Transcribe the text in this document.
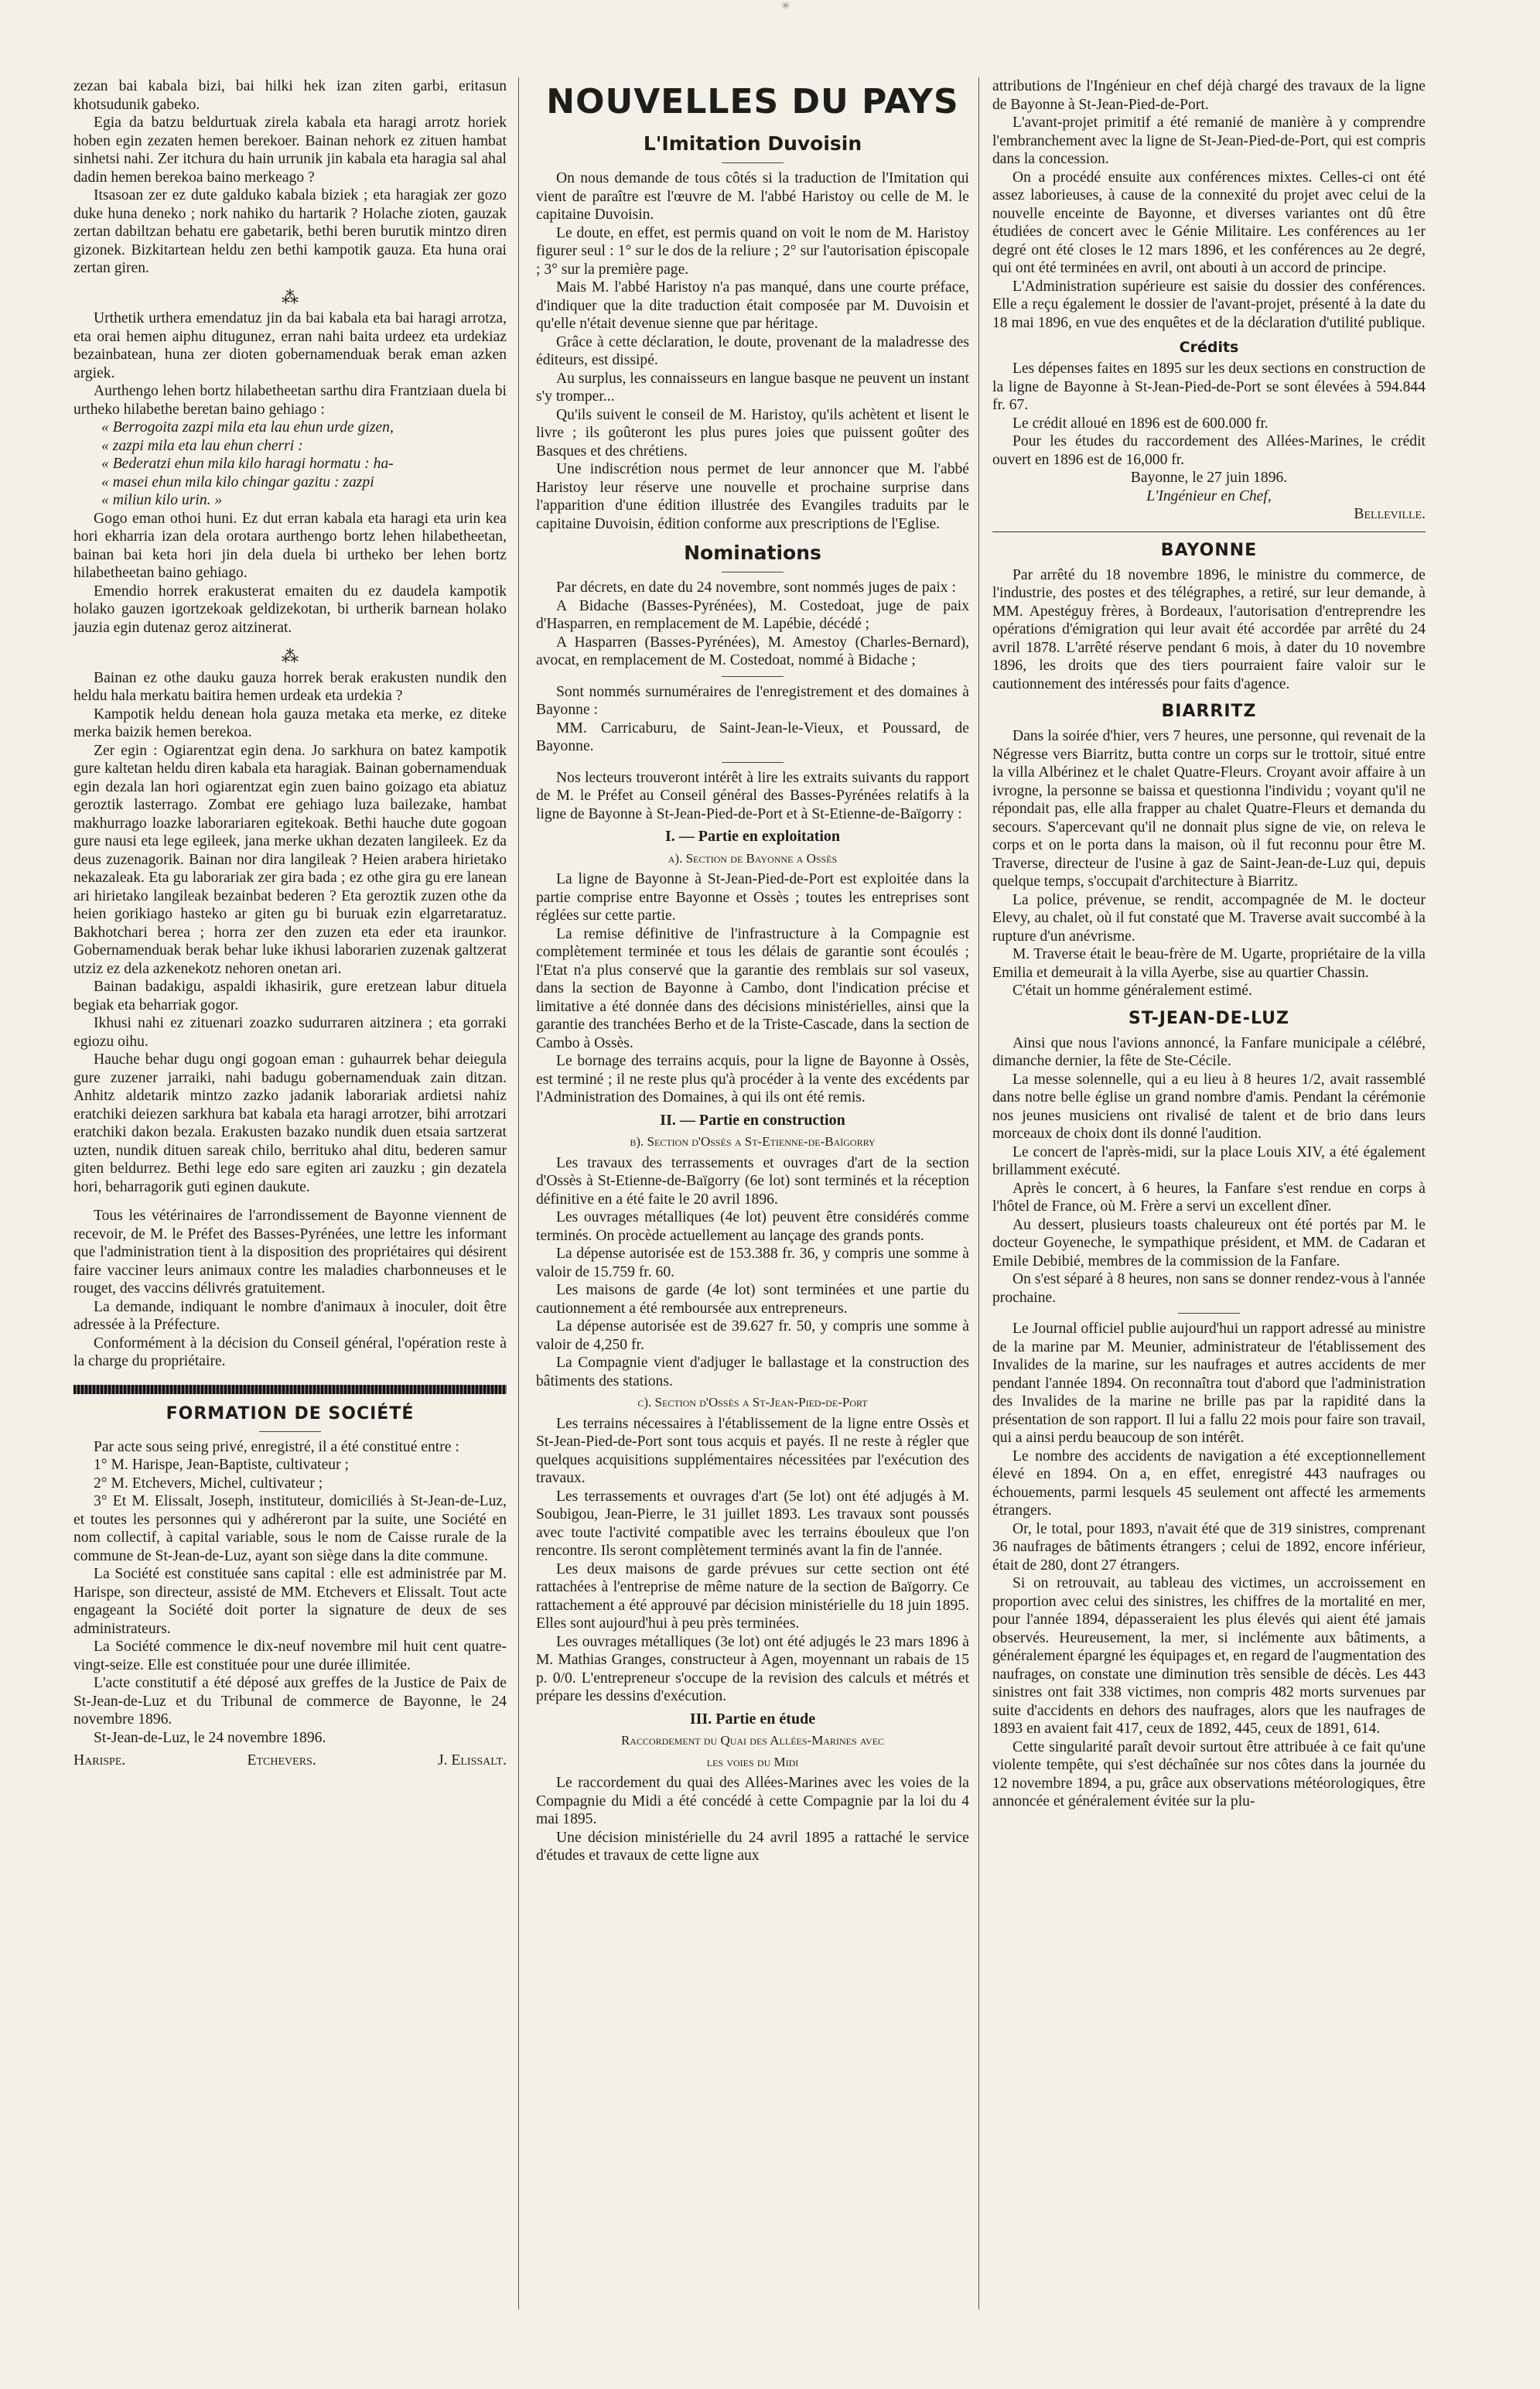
✳

zezan bai kabala bizi, bai hilki hek izan ziten garbi, eritasun khotsudunik gabeko.

Egia da batzu beldurtuak zirela kabala eta haragi arrotz horiek hoben egin zezaten hemen berekoer. Bainan nehork ez zituen hambat sinhetsi nahi. Zer itchura du hain urrunik jin kabala eta haragia sal ahal dadin hemen berekoa baino merkeago ?

Itsasoan zer ez dute galduko kabala biziek ; eta haragiak zer gozo duke huna deneko ; nork nahiko du hartarik ? Holache zioten, gauzak zertan dabiltzan behatu ere gabetarik, bethi beren burutik mintzo diren gizonek. Bizkitartean heldu zen bethi kampotik gauza. Eta huna orai zertan giren.

⁂

Urthetik urthera emendatuz jin da bai kabala eta bai haragi arrotza, eta orai hemen aiphu ditugunez, erran nahi baita urdeez eta urdekiaz bezainbatean, huna zer dioten gobernamenduak berak eman azken argiek.

Aurthengo lehen bortz hilabetheetan sarthu dira Frantziaan duela bi urtheko hilabethe beretan baino gehiago :

« Berrogoita zazpi mila eta lau ehun urde gizen,

« zazpi mila eta lau ehun cherri :

« Bederatzi ehun mila kilo haragi hormatu : ha-

« masei ehun mila kilo chingar gazitu : zazpi

« miliun kilo urin. »

Gogo eman othoi huni. Ez dut erran kabala eta haragi eta urin kea hori ekharria izan dela orotara aurthengo bortz lehen hilabetheetan, bainan bai keta hori jin dela duela bi urtheko ber lehen bortz hilabetheetan baino gehiago.

Emendio horrek erakusterat emaiten du ez daudela kampotik holako gauzen igortzekoak geldizekotan, bi urtherik barnean holako jauzia egin dutenaz geroz aitzinerat.

⁂

Bainan ez othe dauku gauza horrek berak erakusten nundik den heldu hala merkatu baitira hemen urdeak eta urdekia ?

Kampotik heldu denean hola gauza metaka eta merke, ez diteke merka baizik hemen berekoa.

Zer egin : Ogiarentzat egin dena. Jo sarkhura on batez kampotik gure kaltetan heldu diren kabala eta haragiak. Bainan gobernamenduak egin dezala lan hori ogiarentzat egin zuen baino goizago eta abiatuz geroztik lasterrago. Zombat ere gehiago luza bailezake, hambat makhurrago loazke laborariaren egitekoak. Bethi hauche dute gogoan gure nausi eta lege egileek, jana merke ukhan dezaten langileek. Ez da deus zuzenagorik. Bainan nor dira langileak ? Heien arabera hirietako nekazaleak. Eta gu laborariak zer gira bada ; ez othe gira gu ere lanean ari hirietako langileak bezainbat bederen ? Eta geroztik zuzen othe da heien gorikiago hasteko ar giten gu bi buruak ezin elgarretaratuz. Bakhotchari berea ; horra zer den zuzen eta eder eta iraunkor. Gobernamenduak berak behar luke ikhusi laborarien zuzenak galtzerat utziz ez dela azkenekotz nehoren onetan ari.

Bainan badakigu, aspaldi ikhasirik, gure eretzean labur dituela begiak eta beharriak gogor.

Ikhusi nahi ez zituenari zoazko sudurraren aitzinera ; eta gorraki egiozu oihu.

Hauche behar dugu ongi gogoan eman : guhaurrek behar deiegula gure zuzener jarraiki, nahi badugu gobernamenduak zain ditzan. Anhitz aldetarik mintzo zazko jadanik laborariak ardietsi nahiz eratchiki deiezen sarkhura bat kabala eta haragi arrotzer, bihi arrotzari eratchiki dakon bezala. Erakusten bazako nundik duen etsaia sartzerat uzten, nundik dituen sareak chilo, berrituko ahal ditu, bederen samur giten beldurrez. Bethi lege edo sare egiten ari zauzku ; gin dezatela hori, beharragorik guti eginen daukute.

Tous les vétérinaires de l'arrondissement de Bayonne viennent de recevoir, de M. le Préfet des Basses-Pyrénées, une lettre les informant que l'administration tient à la disposition des propriétaires qui désirent faire vacciner leurs animaux contre les maladies charbonneuses et le rouget, des vaccins délivrés gratuitement.

La demande, indiquant le nombre d'animaux à inoculer, doit être adressée à la Préfecture.

Conformément à la décision du Conseil général, l'opération reste à la charge du propriétaire.

FORMATION DE SOCIÉTÉ

Par acte sous seing privé, enregistré, il a été constitué entre :

1° M. Harispe, Jean-Baptiste, cultivateur ;

2° M. Etchevers, Michel, cultivateur ;

3° Et M. Elissalt, Joseph, instituteur, domiciliés à St-Jean-de-Luz, et toutes les personnes qui y adhéreront par la suite, une Société en nom collectif, à capital variable, sous le nom de Caisse rurale de la commune de St-Jean-de-Luz, ayant son siège dans la dite commune.

La Société est constituée sans capital : elle est administrée par M. Harispe, son directeur, assisté de MM. Etchevers et Elissalt. Tout acte engageant la Société doit porter la signature de deux de ses administrateurs.

La Société commence le dix-neuf novembre mil huit cent quatre-vingt-seize. Elle est constituée pour une durée illimitée.

L'acte constitutif a été déposé aux greffes de la Justice de Paix de St-Jean-de-Luz et du Tribunal de commerce de Bayonne, le 24 novembre 1896.

St-Jean-de-Luz, le 24 novembre 1896.

Harispe.	Etchevers.	J. Elissalt.
NOUVELLES DU PAYS
L'Imitation Duvoisin

On nous demande de tous côtés si la traduction de l'Imitation qui vient de paraître est l'œuvre de M. l'abbé Haristoy ou celle de M. le capitaine Duvoisin.

Le doute, en effet, est permis quand on voit le nom de M. Haristoy figurer seul : 1° sur le dos de la reliure ; 2° sur l'autorisation épiscopale ; 3° sur la première page.

Mais M. l'abbé Haristoy n'a pas manqué, dans une courte préface, d'indiquer que la dite traduction était composée par M. Duvoisin et qu'elle n'était devenue sienne que par héritage.

Grâce à cette déclaration, le doute, provenant de la maladresse des éditeurs, est dissipé.

Au surplus, les connaisseurs en langue basque ne peuvent un instant s'y tromper...

Qu'ils suivent le conseil de M. Haristoy, qu'ils achètent et lisent le livre ; ils goûteront les plus pures joies que puissent goûter des Basques et des chrétiens.

Une indiscrétion nous permet de leur annoncer que M. l'abbé Haristoy leur réserve une nouvelle et prochaine surprise dans l'apparition d'une édition illustrée des Evangiles traduits par le capitaine Duvoisin, édition conforme aux prescriptions de l'Eglise.

Nominations

Par décrets, en date du 24 novembre, sont nommés juges de paix :

A Bidache (Basses-Pyrénées), M. Costedoat, juge de paix d'Hasparren, en remplacement de M. Lapébie, décédé ;

A Hasparren (Basses-Pyrénées), M. Amestoy (Charles-Bernard), avocat, en remplacement de M. Costedoat, nommé à Bidache ;

Sont nommés surnuméraires de l'enregistrement et des domaines à Bayonne :

MM. Carricaburu, de Saint-Jean-le-Vieux, et Poussard, de Bayonne.

Nos lecteurs trouveront intérêt à lire les extraits suivants du rapport de M. le Préfet au Conseil général des Basses-Pyrénées relatifs à la ligne de Bayonne à St-Jean-Pied-de-Port et à St-Etienne-de-Baïgorry :

I. — Partie en exploitation
a). Section de Bayonne a Ossès

La ligne de Bayonne à St-Jean-Pied-de-Port est exploitée dans la partie comprise entre Bayonne et Ossès ; toutes les entreprises sont réglées sur cette partie.

La remise définitive de l'infrastructure à la Compagnie est complètement terminée et tous les délais de garantie sont écoulés ; l'Etat n'a plus conservé que la garantie des remblais sur sol vaseux, dans la section de Bayonne à Cambo, dont l'indication précise et limitative a été donnée dans des décisions ministérielles, ainsi que la garantie des tranchées Berho et de la Triste-Cascade, dans la section de Cambo à Ossès.

Le bornage des terrains acquis, pour la ligne de Bayonne à Ossès, est terminé ; il ne reste plus qu'à procéder à la vente des excédents par l'Administration des Domaines, à qui ils ont été remis.

II. — Partie en construction
b). Section d'Ossès a St-Etienne-de-Baïgorry

Les travaux des terrassements et ouvrages d'art de la section d'Ossès à St-Etienne-de-Baïgorry (6e lot) sont terminés et la réception définitive en a été faite le 20 avril 1896.

Les ouvrages métalliques (4e lot) peuvent être considérés comme terminés. On procède actuellement au lançage des grands ponts.

La dépense autorisée est de 153.388 fr. 36, y compris une somme à valoir de 15.759 fr. 60.

Les maisons de garde (4e lot) sont terminées et une partie du cautionnement a été remboursée aux entrepreneurs.

La dépense autorisée est de 39.627 fr. 50, y compris une somme à valoir de 4,250 fr.

La Compagnie vient d'adjuger le ballastage et la construction des bâtiments des stations.

c). Section d'Ossès a St-Jean-Pied-de-Port

Les terrains nécessaires à l'établissement de la ligne entre Ossès et St-Jean-Pied-de-Port sont tous acquis et payés. Il ne reste à régler que quelques acquisitions supplémentaires nécessitées par l'exécution des travaux.

Les terrassements et ouvrages d'art (5e lot) ont été adjugés à M. Soubigou, Jean-Pierre, le 31 juillet 1893. Les travaux sont poussés avec toute l'activité compatible avec les terrains ébouleux que l'on rencontre. Ils seront complètement terminés avant la fin de l'année.

Les deux maisons de garde prévues sur cette section ont été rattachées à l'entreprise de même nature de la section de Baïgorry. Ce rattachement a été approuvé par décision ministérielle du 18 juin 1895. Elles sont aujourd'hui à peu près terminées.

Les ouvrages métalliques (3e lot) ont été adjugés le 23 mars 1896 à M. Mathias Granges, constructeur à Agen, moyennant un rabais de 15 p. 0/0. L'entrepreneur s'occupe de la revision des calculs et métrés et prépare les dessins d'exécution.

III. Partie en étude
Raccordement du Quai des Allées-Marines avec
les voies du Midi

Le raccordement du quai des Allées-Marines avec les voies de la Compagnie du Midi a été concédé à cette Compagnie par la loi du 4 mai 1895.

Une décision ministérielle du 24 avril 1895 a rattaché le service d'études et travaux de cette ligne aux

attributions de l'Ingénieur en chef déjà chargé des travaux de la ligne de Bayonne à St-Jean-Pied-de-Port.

L'avant-projet primitif a été remanié de manière à y comprendre l'embranchement avec la ligne de St-Jean-Pied-de-Port, qui est compris dans la concession.

On a procédé ensuite aux conférences mixtes. Celles-ci ont été assez laborieuses, à cause de la connexité du projet avec celui de la nouvelle enceinte de Bayonne, et diverses variantes ont dû être étudiées de concert avec le Génie Militaire. Les conférences au 1er degré ont été closes le 12 mars 1896, et les conférences au 2e degré, qui ont été terminées en avril, ont abouti à un accord de principe.

L'Administration supérieure est saisie du dossier des conférences. Elle a reçu également le dossier de l'avant-projet, présenté à la date du 18 mai 1896, en vue des enquêtes et de la déclaration d'utilité publique.

Crédits

Les dépenses faites en 1895 sur les deux sections en construction de la ligne de Bayonne à St-Jean-Pied-de-Port se sont élevées à 594.844 fr. 67.

Le crédit alloué en 1896 est de 600.000 fr.

Pour les études du raccordement des Allées-Marines, le crédit ouvert en 1896 est de 16,000 fr.

Bayonne, le 27 juin 1896.

L'Ingénieur en Chef,

Belleville.

BAYONNE

Par arrêté du 18 novembre 1896, le ministre du commerce, de l'industrie, des postes et des télégraphes, a retiré, sur leur demande, à MM. Apestéguy frères, à Bordeaux, l'autorisation d'entreprendre les opérations d'émigration qui leur avait été accordée par arrêté du 24 avril 1878. L'arrêté réserve pendant 6 mois, à dater du 10 novembre 1896, les droits que des tiers pourraient faire valoir sur le cautionnement des intéressés pour faits d'agence.

BIARRITZ

Dans la soirée d'hier, vers 7 heures, une personne, qui revenait de la Négresse vers Biarritz, butta contre un corps sur le trottoir, situé entre la villa Albérinez et le chalet Quatre-Fleurs. Croyant avoir affaire à un ivrogne, la personne se baissa et questionna l'individu ; voyant qu'il ne répondait pas, elle alla frapper au chalet Quatre-Fleurs et demanda du secours. S'apercevant qu'il ne donnait plus signe de vie, on releva le corps et on le porta dans la maison, où il fut reconnu pour être M. Traverse, directeur de l'usine à gaz de Saint-Jean-de-Luz qui, depuis quelque temps, s'occupait d'architecture à Biarritz.

La police, prévenue, se rendit, accompagnée de M. le docteur Elevy, au chalet, où il fut constaté que M. Traverse avait succombé à la rupture d'un anévrisme.

M. Traverse était le beau-frère de M. Ugarte, propriétaire de la villa Emilia et demeurait à la villa Ayerbe, sise au quartier Chassin.

C'était un homme généralement estimé.

ST-JEAN-DE-LUZ

Ainsi que nous l'avions annoncé, la Fanfare municipale a célébré, dimanche dernier, la fête de Ste-Cécile.

La messe solennelle, qui a eu lieu à 8 heures 1/2, avait rassemblé dans notre belle église un grand nombre d'amis. Pendant la cérémonie nos jeunes musiciens ont rivalisé de talent et de brio dans leurs morceaux de choix dont ils donné l'audition.

Le concert de l'après-midi, sur la place Louis XIV, a été également brillamment exécuté.

Après le concert, à 6 heures, la Fanfare s'est rendue en corps à l'hôtel de France, où M. Frère a servi un excellent dîner.

Au dessert, plusieurs toasts chaleureux ont été portés par M. le docteur Goyeneche, le sympathique président, et MM. de Cadaran et Emile Debibié, membres de la commission de la Fanfare.

On s'est séparé à 8 heures, non sans se donner rendez-vous à l'année prochaine.

Le Journal officiel publie aujourd'hui un rapport adressé au ministre de la marine par M. Meunier, administrateur de l'établissement des Invalides de la marine, sur les naufrages et autres accidents de mer pendant l'année 1894. On reconnaîtra tout d'abord que l'administration des Invalides de la marine ne brille pas par la rapidité dans la présentation de son rapport. Il lui a fallu 22 mois pour faire son travail, qui a ainsi perdu beaucoup de son intérêt.

Le nombre des accidents de navigation a été exceptionnellement élevé en 1894. On a, en effet, enregistré 443 naufrages ou échouements, parmi lesquels 45 seulement ont affecté les armements étrangers.

Or, le total, pour 1893, n'avait été que de 319 sinistres, comprenant 36 naufrages de bâtiments étrangers ; celui de 1892, encore inférieur, était de 280, dont 27 étrangers.

Si on retrouvait, au tableau des victimes, un accroissement en proportion avec celui des sinistres, les chiffres de la mortalité en mer, pour l'année 1894, dépasseraient les plus élevés qui aient été jamais observés. Heureusement, la mer, si inclémente aux bâtiments, a généralement épargné les équipages et, en regard de l'augmentation des naufrages, on constate une diminution très sensible de décès. Les 443 sinistres ont fait 338 victimes, non compris 482 morts survenues par suite d'accidents en dehors des naufrages, alors que les naufrages de 1893 en avaient fait 417, ceux de 1892, 445, ceux de 1891, 614.

Cette singularité paraît devoir surtout être attribuée à ce fait qu'une violente tempête, qui s'est déchaînée sur nos côtes dans la journée du 12 novembre 1894, a pu, grâce aux observations météorologiques, être annoncée et généralement évitée sur la plu-
